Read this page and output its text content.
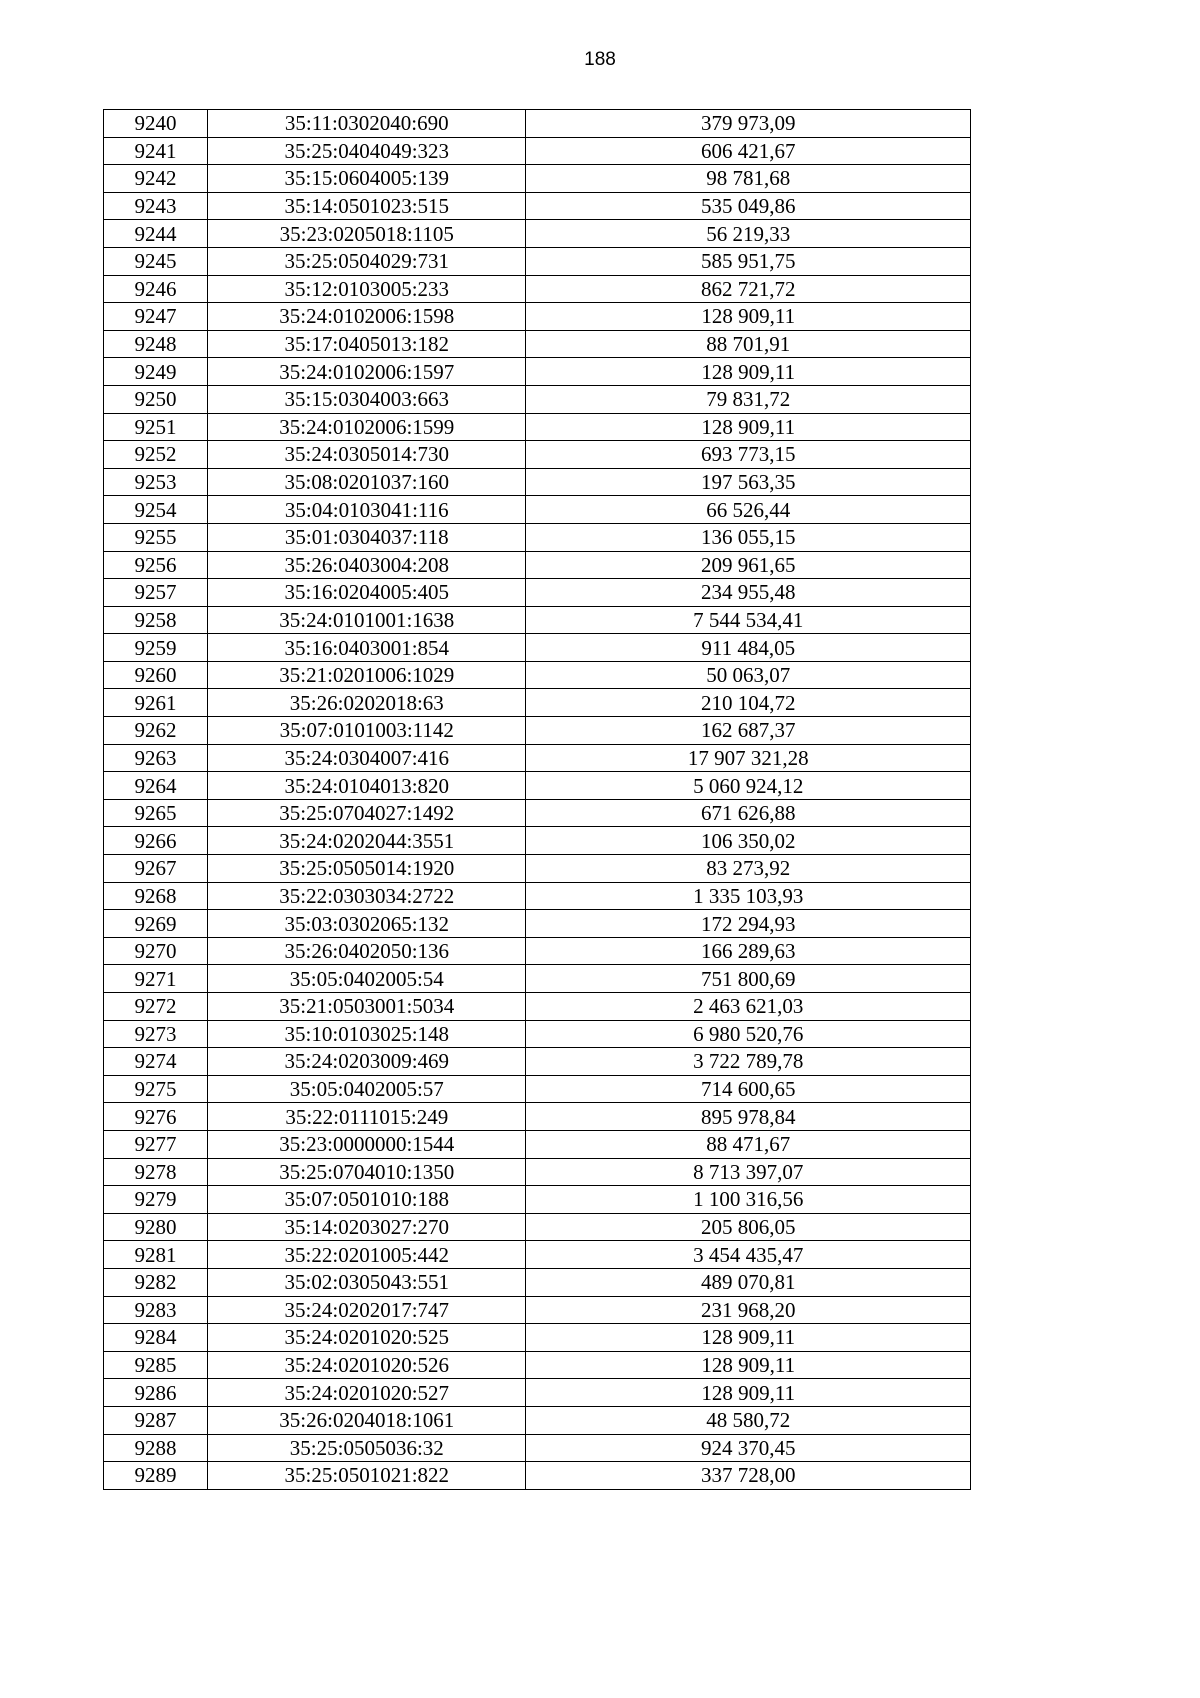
188
9240	35:11:0302040:690	379 973,09
9241	35:25:0404049:323	606 421,67
9242	35:15:0604005:139	98 781,68
9243	35:14:0501023:515	535 049,86
9244	35:23:0205018:1105	56 219,33
9245	35:25:0504029:731	585 951,75
9246	35:12:0103005:233	862 721,72
9247	35:24:0102006:1598	128 909,11
9248	35:17:0405013:182	88 701,91
9249	35:24:0102006:1597	128 909,11
9250	35:15:0304003:663	79 831,72
9251	35:24:0102006:1599	128 909,11
9252	35:24:0305014:730	693 773,15
9253	35:08:0201037:160	197 563,35
9254	35:04:0103041:116	66 526,44
9255	35:01:0304037:118	136 055,15
9256	35:26:0403004:208	209 961,65
9257	35:16:0204005:405	234 955,48
9258	35:24:0101001:1638	7 544 534,41
9259	35:16:0403001:854	911 484,05
9260	35:21:0201006:1029	50 063,07
9261	35:26:0202018:63	210 104,72
9262	35:07:0101003:1142	162 687,37
9263	35:24:0304007:416	17 907 321,28
9264	35:24:0104013:820	5 060 924,12
9265	35:25:0704027:1492	671 626,88
9266	35:24:0202044:3551	106 350,02
9267	35:25:0505014:1920	83 273,92
9268	35:22:0303034:2722	1 335 103,93
9269	35:03:0302065:132	172 294,93
9270	35:26:0402050:136	166 289,63
9271	35:05:0402005:54	751 800,69
9272	35:21:0503001:5034	2 463 621,03
9273	35:10:0103025:148	6 980 520,76
9274	35:24:0203009:469	3 722 789,78
9275	35:05:0402005:57	714 600,65
9276	35:22:0111015:249	895 978,84
9277	35:23:0000000:1544	88 471,67
9278	35:25:0704010:1350	8 713 397,07
9279	35:07:0501010:188	1 100 316,56
9280	35:14:0203027:270	205 806,05
9281	35:22:0201005:442	3 454 435,47
9282	35:02:0305043:551	489 070,81
9283	35:24:0202017:747	231 968,20
9284	35:24:0201020:525	128 909,11
9285	35:24:0201020:526	128 909,11
9286	35:24:0201020:527	128 909,11
9287	35:26:0204018:1061	48 580,72
9288	35:25:0505036:32	924 370,45
9289	35:25:0501021:822	337 728,00
